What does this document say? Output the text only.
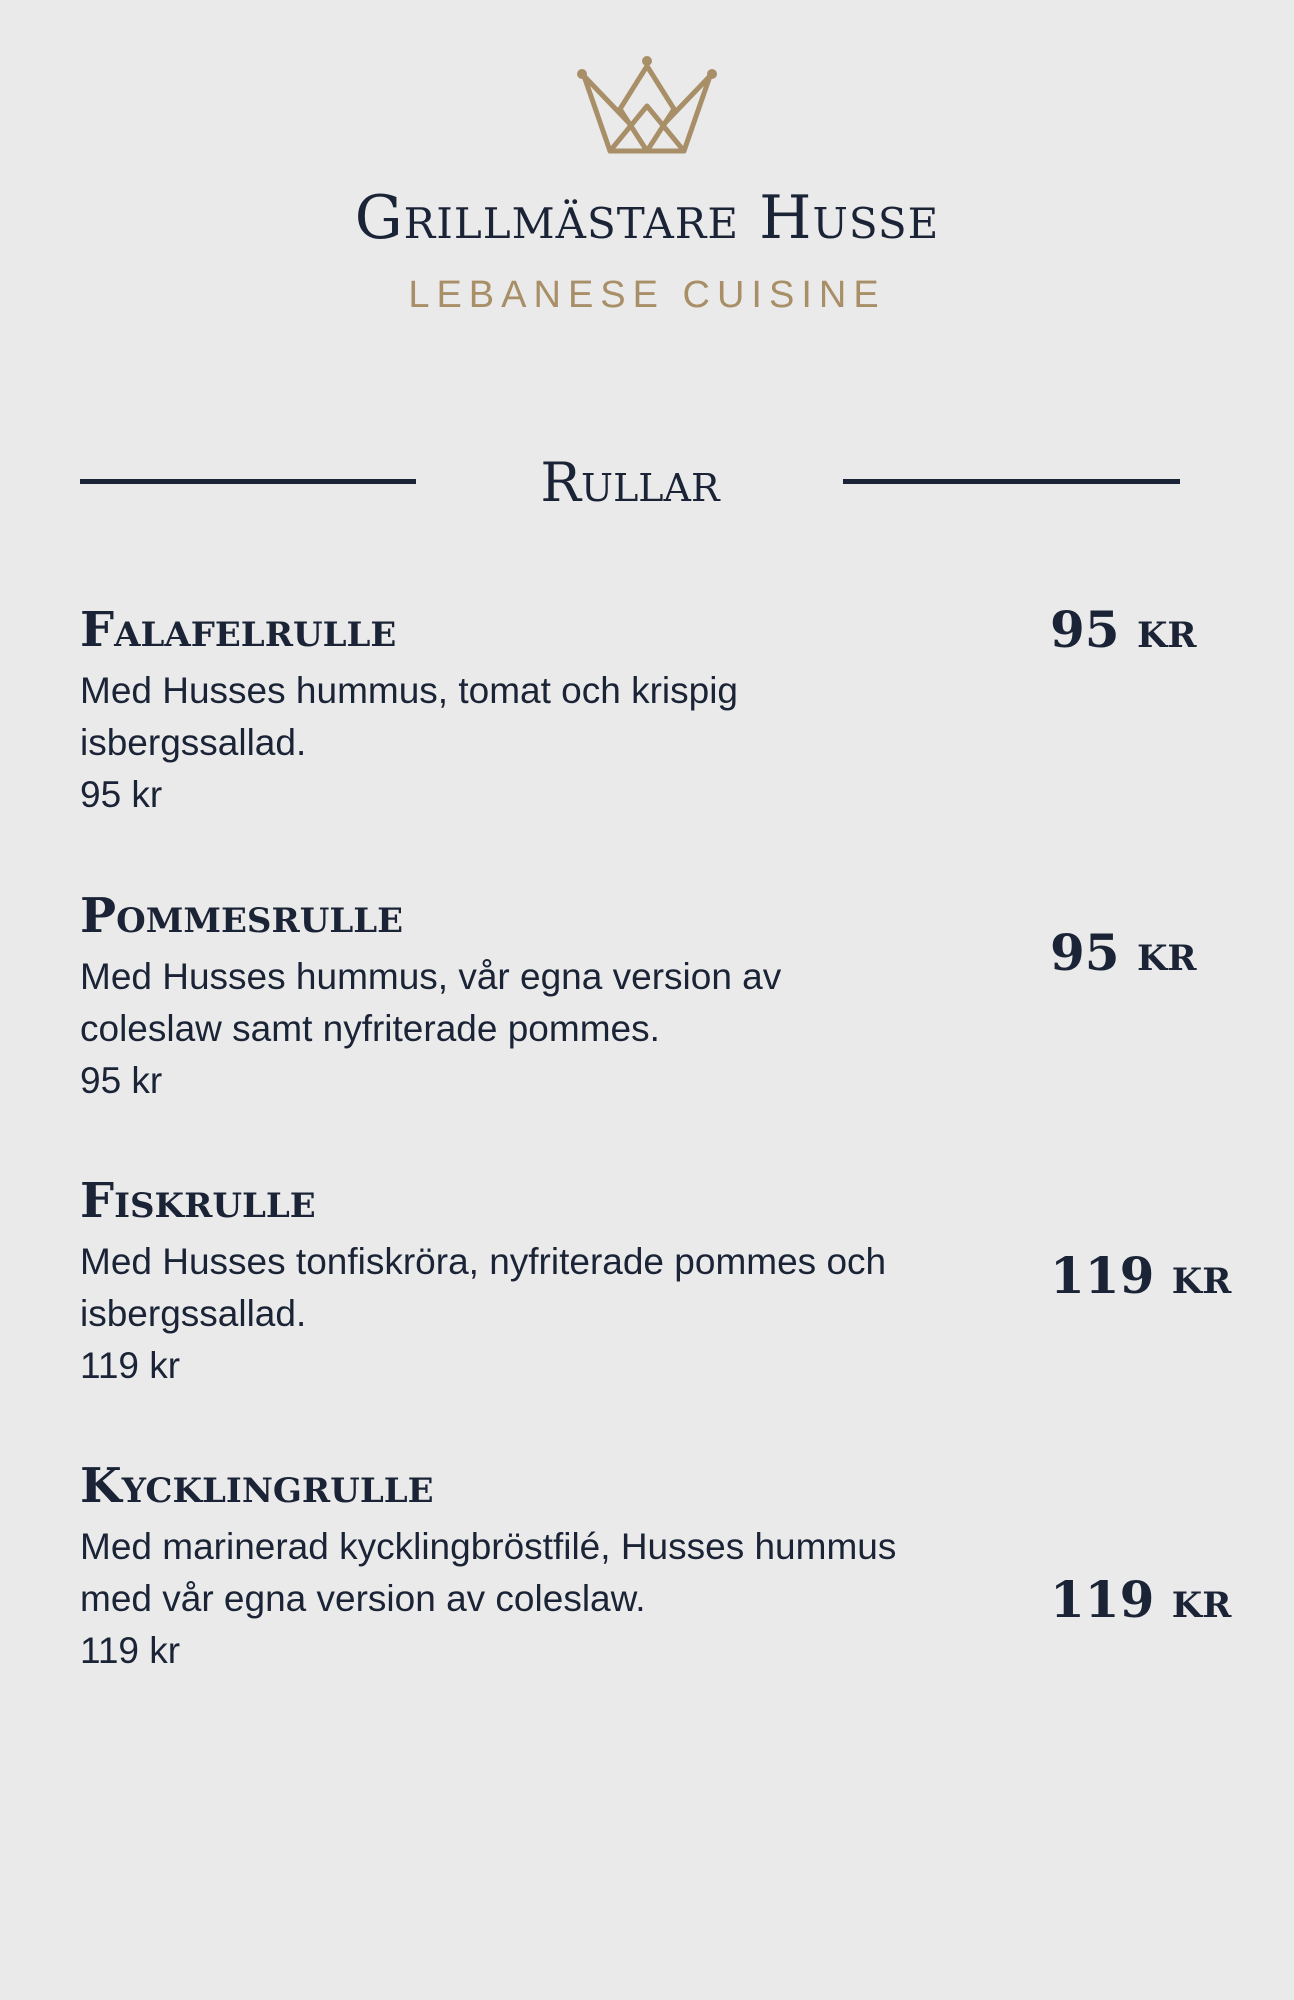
Grillmästare Husse
LEBANESE CUISINE
Rullar

Falafelrulle

Med Husses hummus, tomat och krispig isbergssallad.

95 kr

95 kr

Pommesrulle

Med Husses hummus, vår egna version av coleslaw samt nyfriterade pommes.

95 kr

95 kr

Fiskrulle

Med Husses tonfiskröra, nyfriterade pommes och isbergssallad.

119 kr

119 kr

Kycklingrulle

Med marinerad kycklingbröstfilé, Husses hummus med vår egna version av coleslaw.

119 kr

119 kr
